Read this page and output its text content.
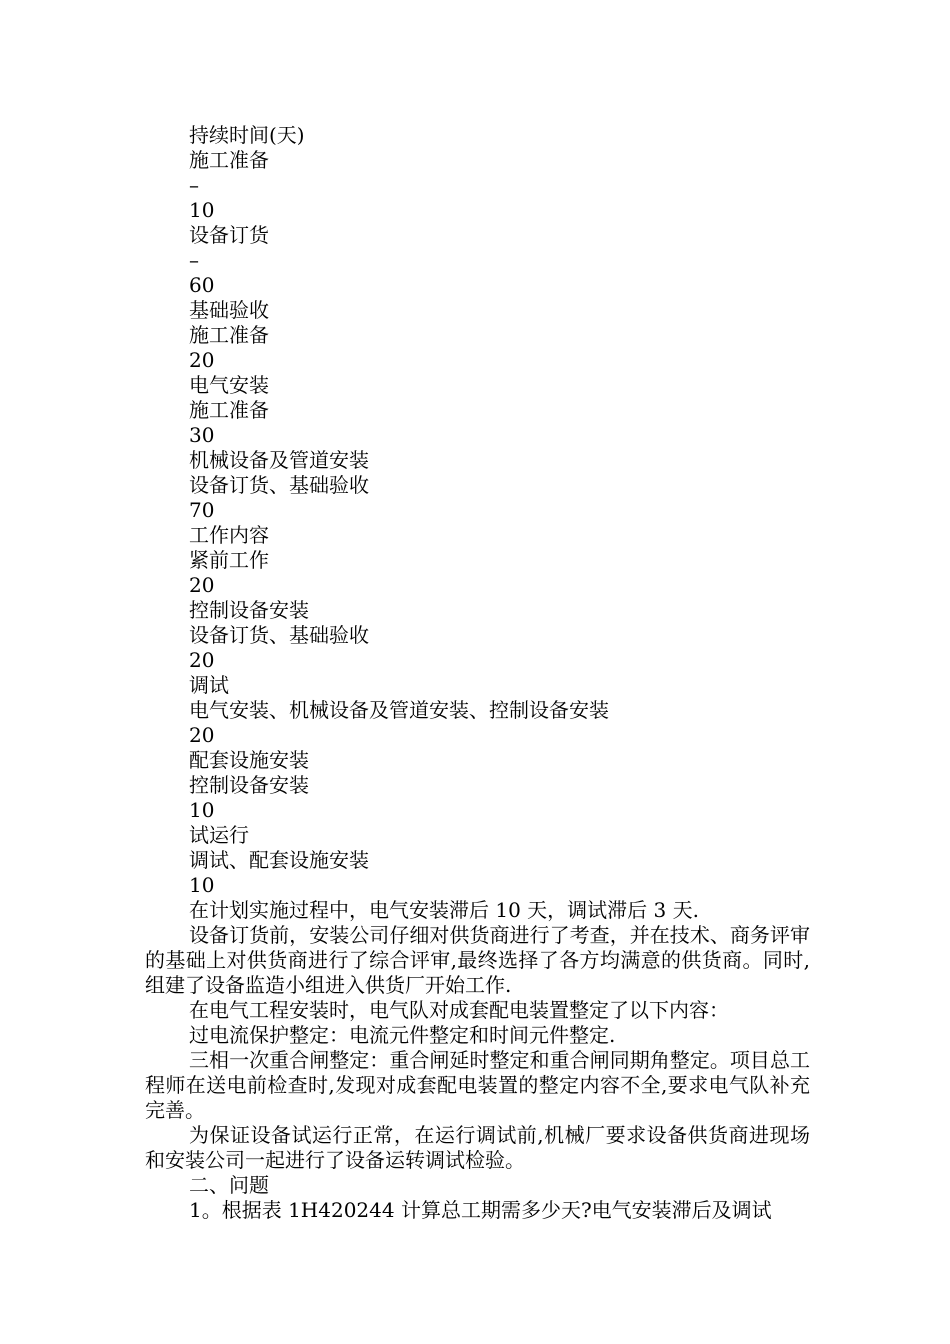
持续时间(天)

施工准备

–

10

设备订货

–

60

基础验收

施工准备

20

电气安装

施工准备

30

机械设备及管道安装

设备订货、基础验收

70

工作内容

紧前工作

20

控制设备安装

设备订货、基础验收

20

调试

电气安装、机械设备及管道安装、控制设备安装

20

配套设施安装

控制设备安装

10

试运行

调试、配套设施安装

10

在计划实施过程中，电气安装滞后 10 天，调试滞后 3 天.

设备订货前，安装公司仔细对供货商进行了考查，并在技术、商务评审的基础上对供货商进行了综合评审,最终选择了各方均满意的供货商。同时,组建了设备监造小组进入供货厂开始工作.

在电气工程安装时，电气队对成套配电装置整定了以下内容：

过电流保护整定：电流元件整定和时间元件整定.

三相一次重合闸整定：重合闸延时整定和重合闸同期角整定。项目总工程师在送电前检查时,发现对成套配电装置的整定内容不全,要求电气队补充完善。

为保证设备试运行正常，在运行调试前,机械厂要求设备供货商进现场和安装公司一起进行了设备运转调试检验。

二、问题

1。根据表 1H420244 计算总工期需多少天?电气安装滞后及调试
